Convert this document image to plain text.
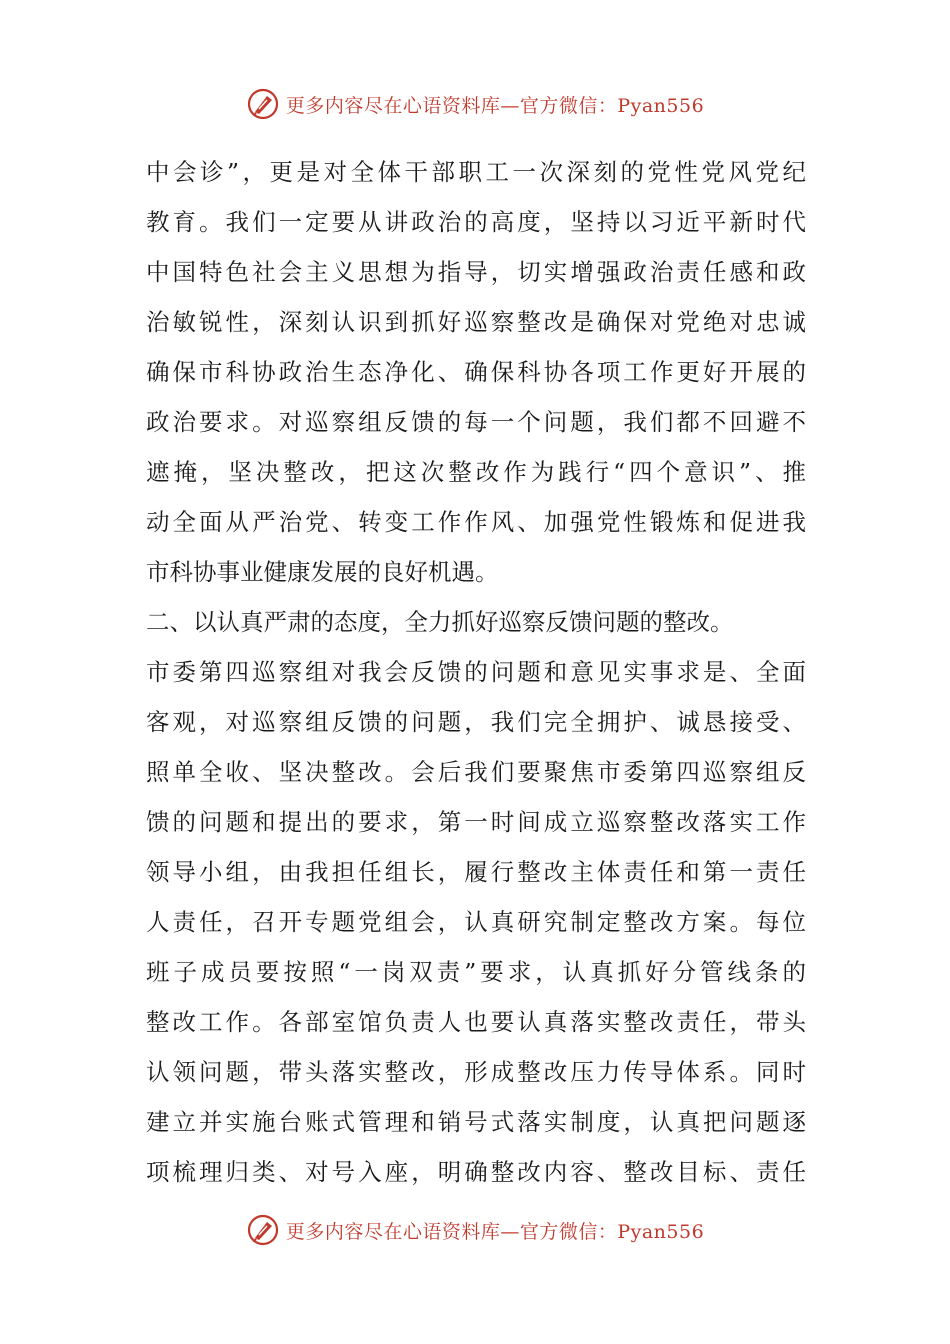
更多内容尽在心语资料库—官方微信：Pyan556
中会诊”，更是对全体干部职工一次深刻的党性党风党纪
教育。我们一定要从讲政治的高度，坚持以习近平新时代
中国特色社会主义思想为指导，切实增强政治责任感和政
治敏锐性，深刻认识到抓好巡察整改是确保对党绝对忠诚
确保市科协政治生态净化、确保科协各项工作更好开展的
政治要求。对巡察组反馈的每一个问题，我们都不回避不
遮掩，坚决整改，把这次整改作为践行“四个意识”、推
动全面从严治党、转变工作作风、加强党性锻炼和促进我
市科协事业健康发展的良好机遇。
二、以认真严肃的态度，全力抓好巡察反馈问题的整改。
市委第四巡察组对我会反馈的问题和意见实事求是、全面
客观，对巡察组反馈的问题，我们完全拥护、诚恳接受、
照单全收、坚决整改。会后我们要聚焦市委第四巡察组反
馈的问题和提出的要求，第一时间成立巡察整改落实工作
领导小组，由我担任组长，履行整改主体责任和第一责任
人责任，召开专题党组会，认真研究制定整改方案。每位
班子成员要按照“一岗双责”要求，认真抓好分管线条的
整改工作。各部室馆负责人也要认真落实整改责任，带头
认领问题，带头落实整改，形成整改压力传导体系。同时
建立并实施台账式管理和销号式落实制度，认真把问题逐
项梳理归类、对号入座，明确整改内容、整改目标、责任
更多内容尽在心语资料库—官方微信：Pyan556
